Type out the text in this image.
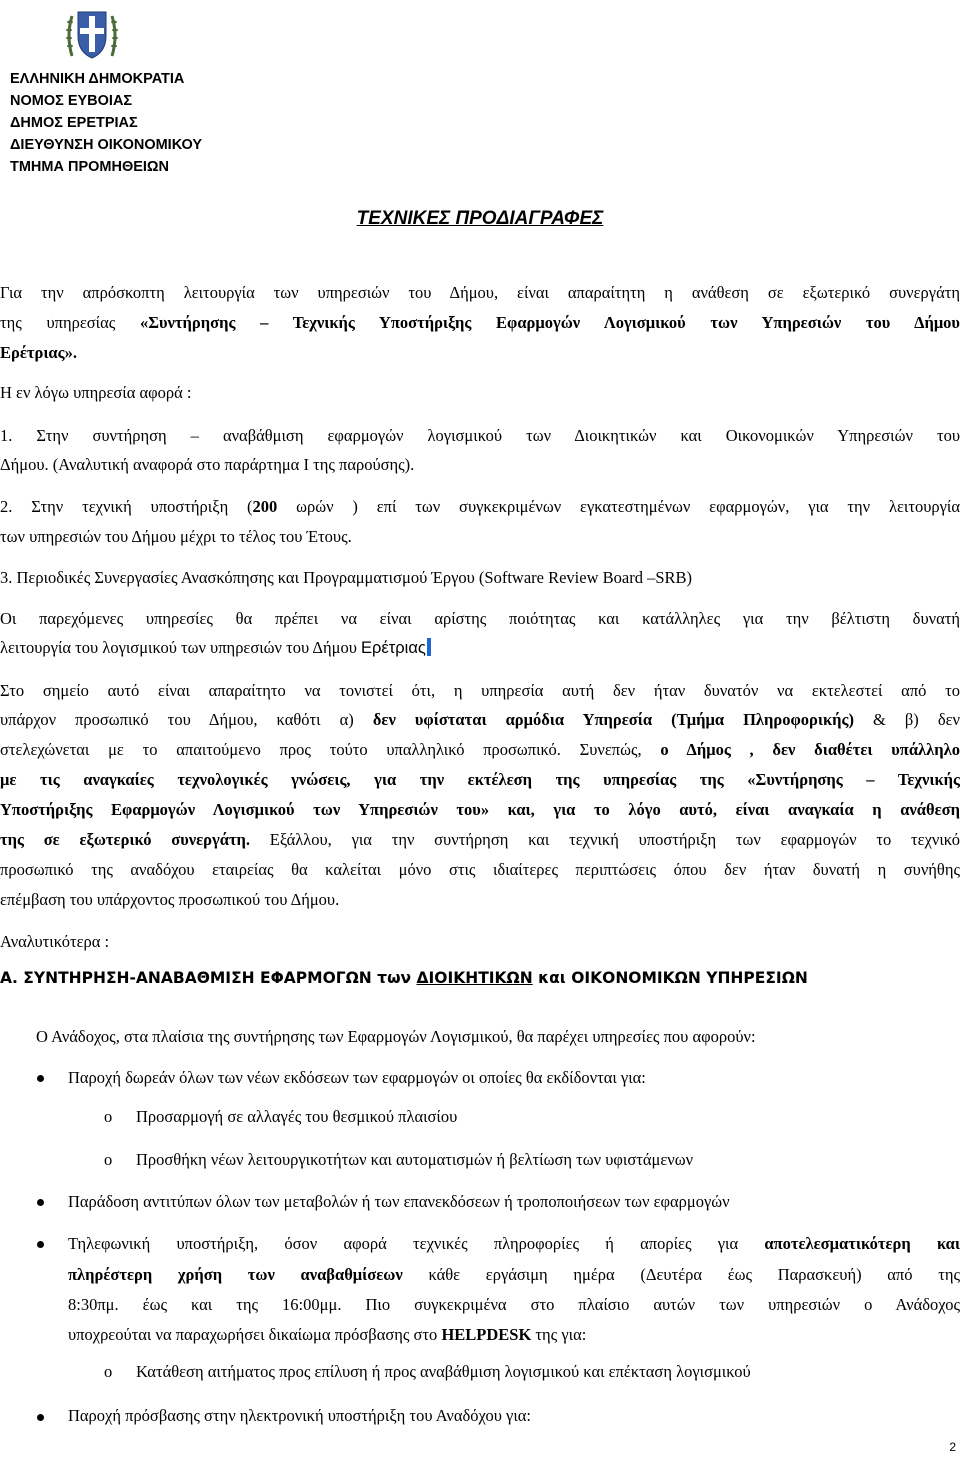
ΕΛΛΗΝΙΚΗ ΔΗΜΟΚΡΑΤΙΑ
ΝΟΜΟΣ ΕΥΒΟΙΑΣ
ΔΗΜΟΣ ΕΡΕΤΡΙΑΣ
ΔΙΕΥΘΥΝΣΗ ΟΙΚΟΝΟΜΙΚΟΥ
ΤΜΗΜΑ ΠΡΟΜΗΘΕΙΩΝ
ΤΕΧΝΙΚΕΣ ΠΡΟΔΙΑΓΡΑΦΕΣ
Για την απρόσκοπτη λειτουργία των υπηρεσιών του Δήμου, είναι απαραίτητη η ανάθεση σε εξωτερικό συνεργάτη
της υπηρεσίας «Συντήρησης – Τεχνικής Υποστήριξης Εφαρμογών Λογισμικού των Υπηρεσιών του Δήμου
Ερέτριας».
Η εν λόγω υπηρεσία αφορά :
1. Στην συντήρηση – αναβάθμιση εφαρμογών λογισμικού των Διοικητικών και Οικονομικών Υπηρεσιών του
Δήμου. (Αναλυτική αναφορά στο παράρτημα Ι της παρούσης).
2. Στην τεχνική υποστήριξη (200 ωρών ) επί των συγκεκριμένων εγκατεστημένων εφαρμογών, για την λειτουργία
των υπηρεσιών του Δήμου μέχρι το τέλος του Έτους.
3. Περιοδικές Συνεργασίες Ανασκόπησης και Προγραμματισμού Έργου (Software Review Board –SRB)
Οι παρεχόμενες υπηρεσίες θα πρέπει να είναι αρίστης ποιότητας και κατάλληλες για την βέλτιστη δυνατή
λειτουργία του λογισμικού των υπηρεσιών του Δήμου Ερέτριας
Στο σημείο αυτό είναι απαραίτητο να τονιστεί ότι, η υπηρεσία αυτή δεν ήταν δυνατόν να εκτελεστεί από το
υπάρχον προσωπικό του Δήμου, καθότι α) δεν υφίσταται αρμόδια Υπηρεσία (Τμήμα Πληροφορικής) & β) δεν
στελεχώνεται με το απαιτούμενο προς τούτο υπαλληλικό προσωπικό. Συνεπώς, ο Δήμος , δεν διαθέτει υπάλληλο
με τις αναγκαίες τεχνολογικές γνώσεις, για την εκτέλεση της υπηρεσίας της «Συντήρησης – Τεχνικής
Υποστήριξης Εφαρμογών Λογισμικού των Υπηρεσιών του» και, για το λόγο αυτό, είναι αναγκαία η ανάθεση
της σε εξωτερικό συνεργάτη. Εξάλλου, για την συντήρηση και τεχνική υποστήριξη των εφαρμογών το τεχνικό
προσωπικό της αναδόχου εταιρείας θα καλείται μόνο στις ιδιαίτερες περιπτώσεις όπου δεν ήταν δυνατή η συνήθης
επέμβαση του υπάρχοντος προσωπικού του Δήμου.
Αναλυτικότερα :
Α. ΣΥΝΤΗΡΗΣΗ-ΑΝΑΒΑΘΜΙΣΗ ΕΦΑΡΜΟΓΩΝ των ΔΙΟΙΚΗΤΙΚΩΝ και ΟΙΚΟΝΟΜΙΚΩΝ ΥΠΗΡΕΣΙΩΝ
Ο Ανάδοχος, στα πλαίσια της συντήρησης των Εφαρμογών Λογισμικού, θα παρέχει υπηρεσίες που αφορούν:
Παροχή δωρεάν όλων των νέων εκδόσεων των εφαρμογών οι οποίες θα εκδίδονται για:
o Προσαρμογή σε αλλαγές του θεσμικού πλαισίου
o Προσθήκη νέων λειτουργικοτήτων και αυτοματισμών ή βελτίωση των υφιστάμενων
Παράδοση αντιτύπων όλων των μεταβολών ή των επανεκδόσεων ή τροποποιήσεων των εφαρμογών
Τηλεφωνική υποστήριξη, όσον αφορά τεχνικές πληροφορίες ή απορίες για αποτελεσματικότερη και
πληρέστερη χρήση των αναβαθμίσεων κάθε εργάσιμη ημέρα (Δευτέρα έως Παρασκευή) από της
8:30πμ. έως και της 16:00μμ. Πιο συγκεκριμένα στο πλαίσιο αυτών των υπηρεσιών ο Ανάδοχος
υποχρεούται να παραχωρήσει δικαίωμα πρόσβασης στο HELPDESK της για:
o Κατάθεση αιτήματος προς επίλυση ή προς αναβάθμιση λογισμικού και επέκταση λογισμικού
Παροχή πρόσβασης στην ηλεκτρονική υποστήριξη του Αναδόχου για:
2
